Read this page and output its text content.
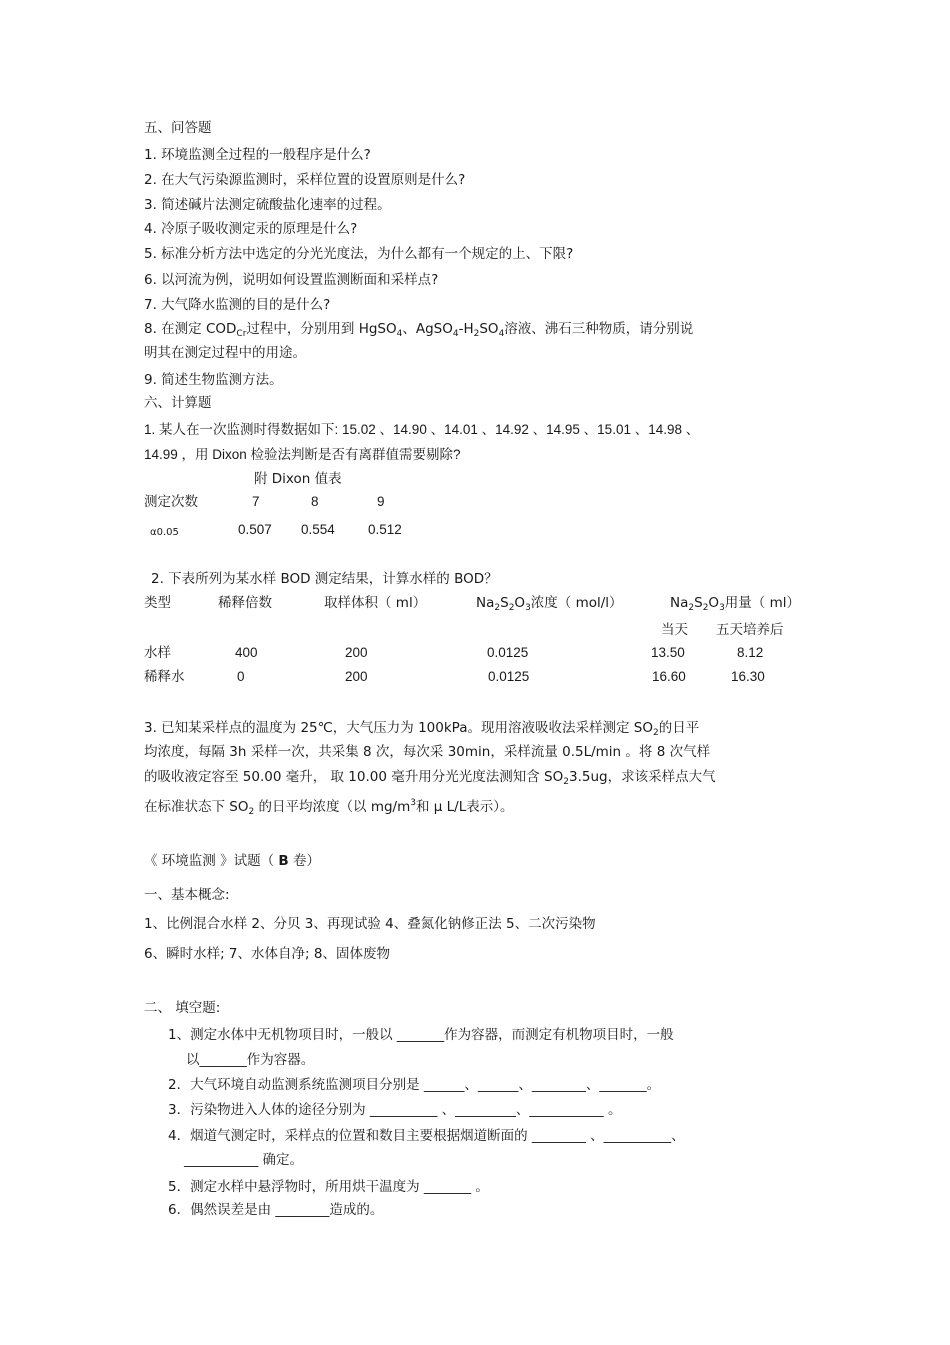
五、问答题
1. 环境监测全过程的一般程序是什么?
2. 在大气污染源监测时，采样位置的设置原则是什么?
3. 简述碱片法测定硫酸盐化速率的过程。
4. 冷原子吸收测定汞的原理是什么?
5. 标准分析方法中选定的分光光度法，为什么都有一个规定的上、下限?
6. 以河流为例，说明如何设置监测断面和采样点?
7. 大气降水监测的目的是什么?
8. 在测定 $COD_{Cr}$过程中，分别用到 HgSO$_4$、$AgSO_4-H_2SO_4$溶液、沸石三种物质，请分别说
明其在测定过程中的用途。
9. 简述生物监测方法。
六、计算题
1. 某人在一次监测时得数据如下: 15.02 、14.90 、14.01 、14.92 、14.95 、15.01 、14.98 、
14.99 ，用 Dixon 检验法判断是否有离群值需要剔除?
附 Dixon 值表
测定次数	7	8	9
α0.05	0.507 0.554 0.512
2. 下表所列为某水样 BOD 测定结果，计算水样的 BOD？
类型	稀释倍数	取样体积（ ml）	$Na_2S_2O_3$浓度（ mol/l）	$Na_2S_2O_3$用量（ ml）
当天 五天培养后
水样	400	200	0.0125	13.50	8.12
稀释水	0	200	0.0125	16.60	16.30
3. 已知某采样点的温度为 25℃，大气压力为 100kPa。现用溶液吸收法采样测定 $SO_2$的日平
均浓度，每隔 3h 采样一次，共采集 8 次，每次采 30min，采样流量 0.5L/min 。将 8 次气样
的吸收液定容至 50.00 毫升， 取 10.00 毫升用分光光度法测知含 $SO_23.5ug$，求该采样点大气
在标准状态下 $SO_2$ 的日平均浓度（以 $mg/m^3$和 μ L/L表示）。
《 环境监测 》试题（ B 卷）
一、基本概念:
1、比例混合水样 2、分贝 3、再现试验 4、叠氮化钠修正法 5、二次污染物
6、瞬时水样; 7、水体自净; 8、固体废物
二、 填空题:
1、测定水体中无机物项目时，一般以 _______作为容器，而测定有机物项目时，一般
以_______作为容器。
2．大气环境自动监测系统监测项目分别是 ______、______、________、_______。
3．污染物进入人体的途径分别为 __________ 、_________、___________ 。
4．烟道气测定时，采样点的位置和数目主要根据烟道断面的 ________ 、__________、
___________ 确定。
5．测定水样中悬浮物时，所用烘干温度为 _______ 。
6．偶然误差是由 ________造成的。
